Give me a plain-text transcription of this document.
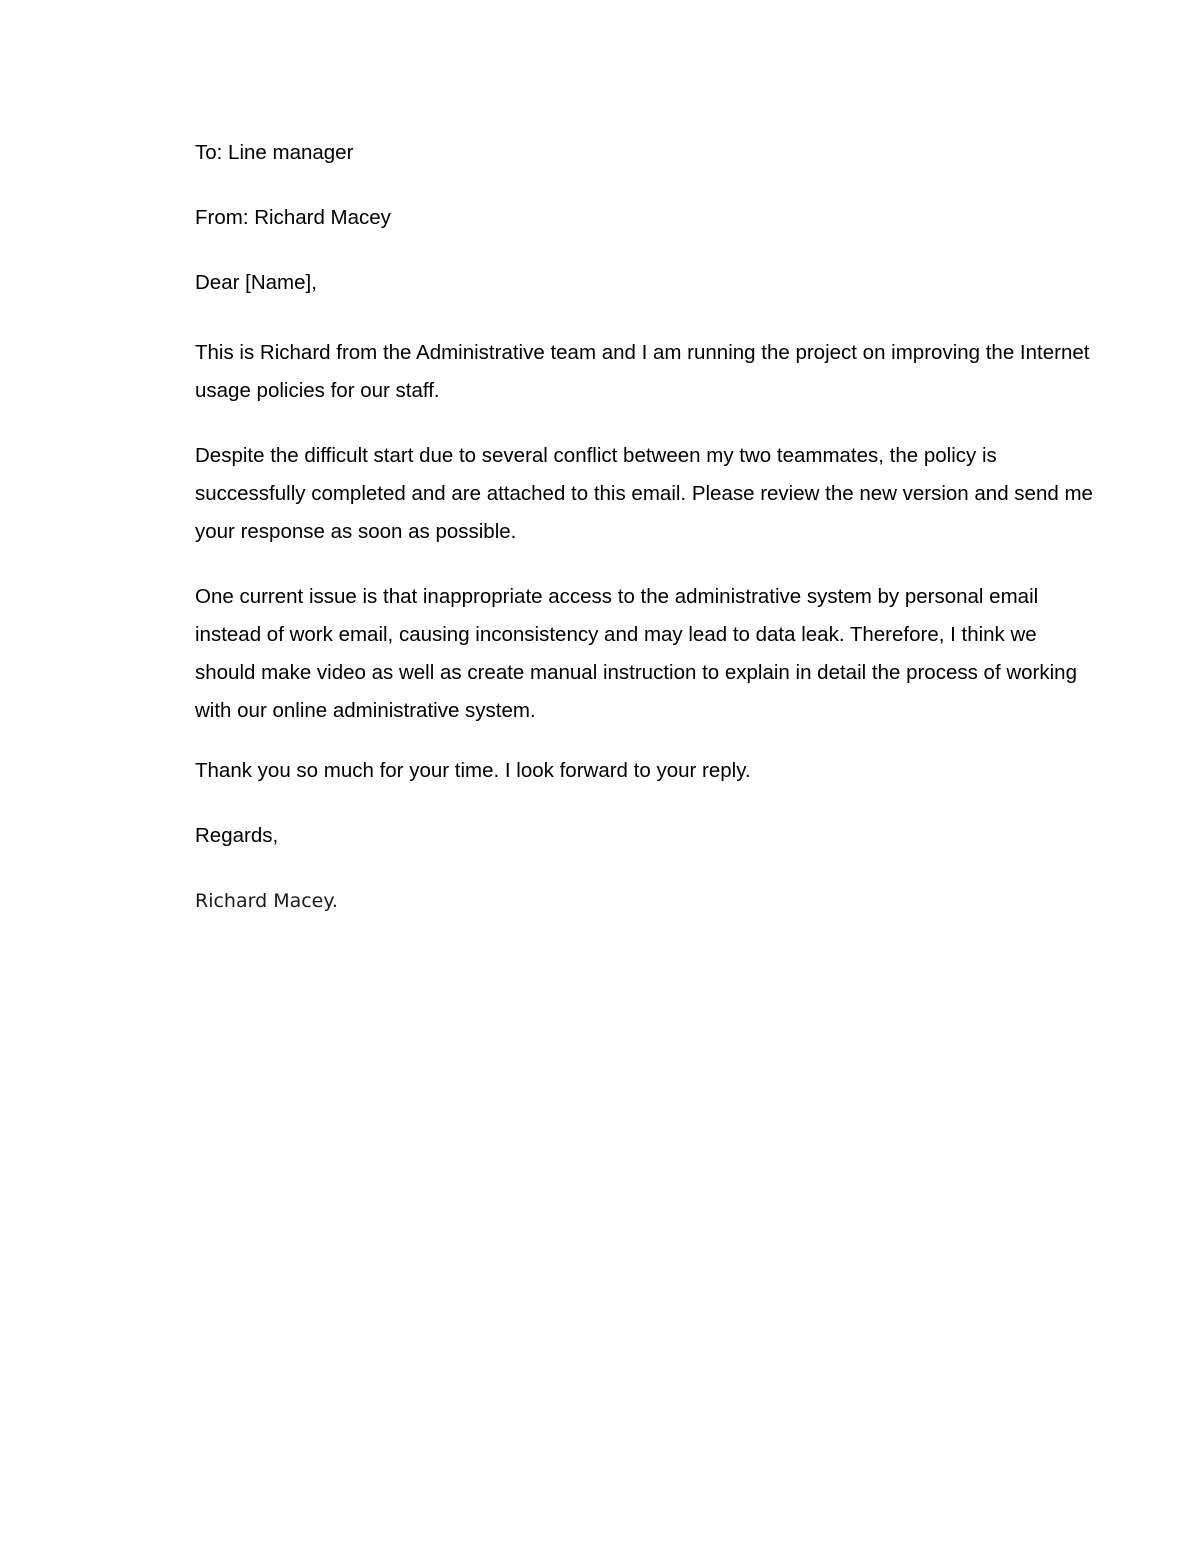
To: Line manager

From: Richard Macey

Dear [Name],

This is Richard from the Administrative team and I am running the project on improving the Internet usage policies for our staff.

Despite the difficult start due to several conflict between my two teammates, the policy is successfully completed and are attached to this email. Please review the new version and send me your response as soon as possible.

One current issue is that inappropriate access to the administrative system by personal email instead of work email, causing inconsistency and may lead to data leak. Therefore, I think we should make video as well as create manual instruction to explain in detail the process of working with our online administrative system.

Thank you so much for your time. I look forward to your reply.

Regards,

Richard Macey.
